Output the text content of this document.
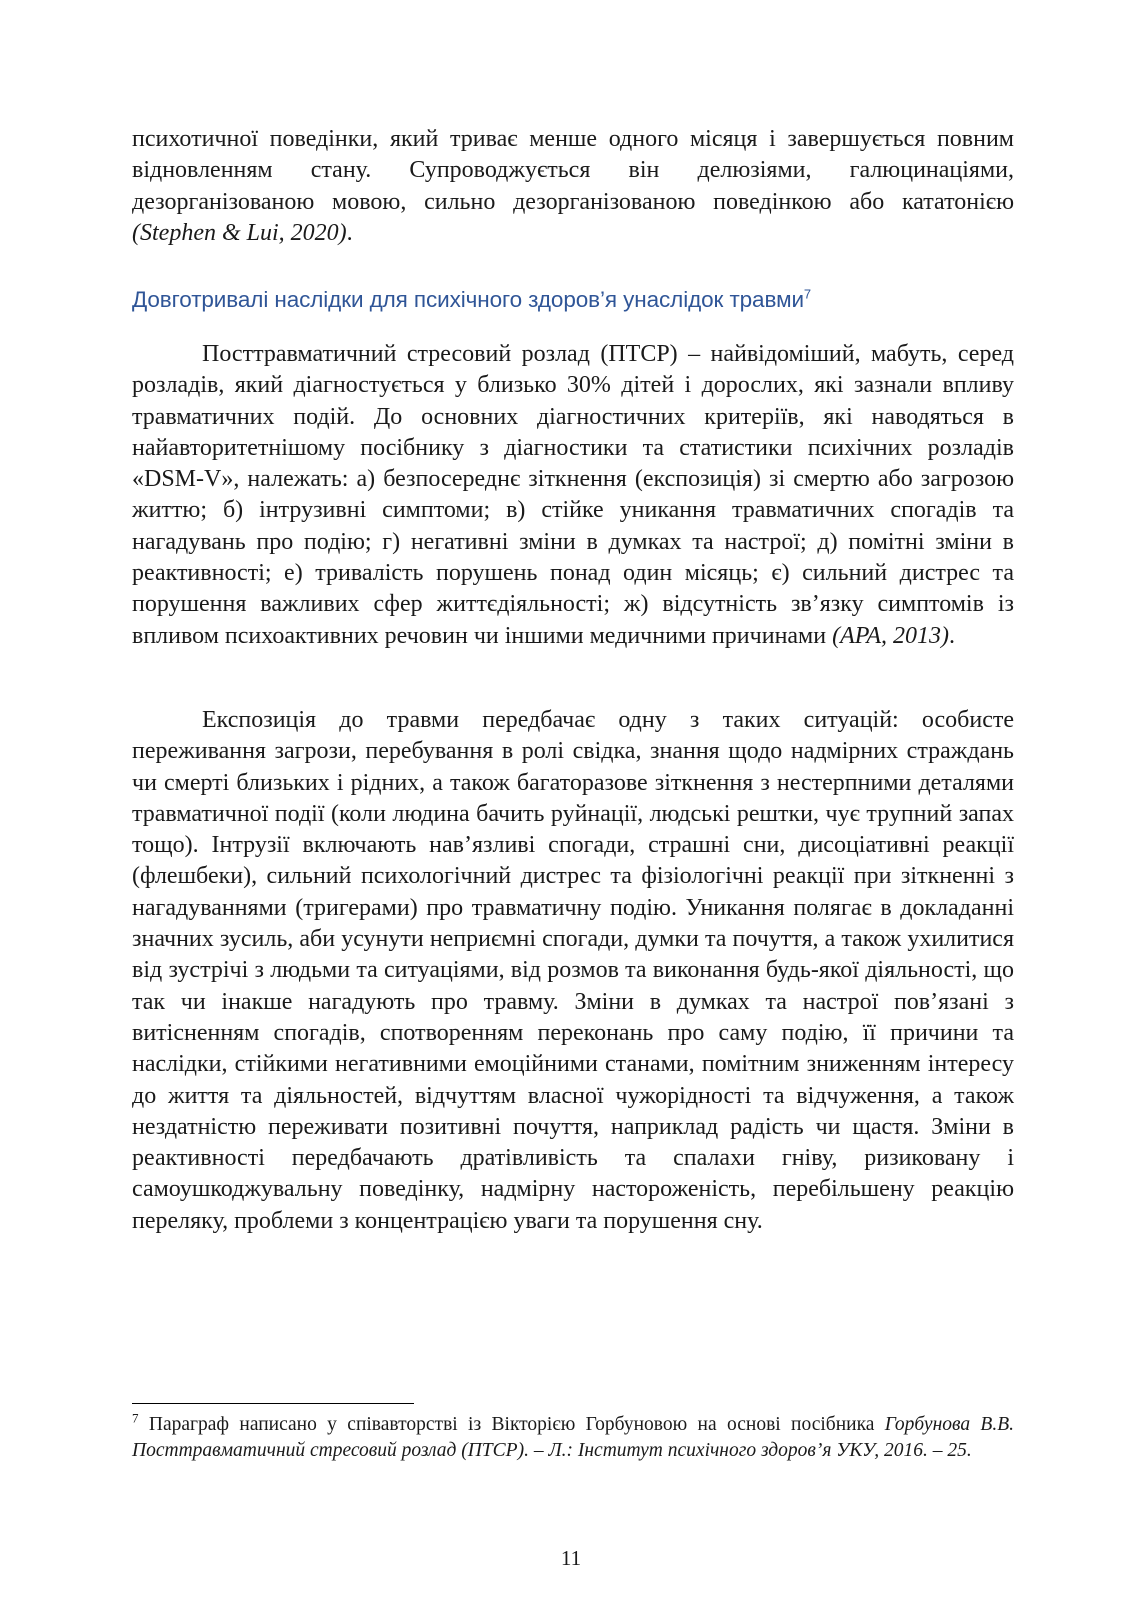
психотичної поведінки, який триває менше одного місяця і завершується повним відновленням стану. Супроводжується він делюзіями, галюцинаціями, дезорганізованою мовою, сильно дезорганізованою поведінкою або кататонією (Stephen & Lui, 2020).
Довготривалі наслідки для психічного здоров’я унаслідок травми$^7$
Посттравматичний стресовий розлад (ПТСР) – найвідоміший, мабуть, серед розладів, який діагностується у близько 30% дітей і дорослих, які зазнали впливу травматичних подій. До основних діагностичних критеріїв, які наводяться в найавторитетнішому посібнику з діагностики та статистики психічних розладів «DSM-V», належать: а) безпосереднє зіткнення (експозиція) зі смертю або загрозою життю; б) інтрузивні симптоми; в) стійке уникання травматичних спогадів та нагадувань про подію; г) негативні зміни в думках та настрої; д) помітні зміни в реактивності; е) тривалість порушень понад один місяць; є) сильний дистрес та порушення важливих сфер життєдіяльності; ж) відсутність зв’язку симптомів із впливом психоактивних речовин чи іншими медичними причинами (APA, 2013).
Експозиція до травми передбачає одну з таких ситуацій: особисте переживання загрози, перебування в ролі свідка, знання щодо надмірних страждань чи смерті близьких і рідних, а також багаторазове зіткнення з нестерпними деталями травматичної події (коли людина бачить руйнації, людські рештки, чує трупний запах тощо). Інтрузії включають нав’язливі спогади, страшні сни, дисоціативні реакції (флешбеки), сильний психологічний дистрес та фізіологічні реакції при зіткненні з нагадуваннями (тригерами) про травматичну подію. Уникання полягає в докладанні значних зусиль, аби усунути неприємні спогади, думки та почуття, а також ухилитися від зустрічі з людьми та ситуаціями, від розмов та виконання будь-якої діяльності, що так чи інакше нагадують про травму. Зміни в думках та настрої пов’язані з витісненням спогадів, спотворенням переконань про саму подію, її причини та наслідки, стійкими негативними емоційними станами, помітним зниженням інтересу до життя та діяльностей, відчуттям власної чужорідності та відчуження, а також нездатністю переживати позитивні почуття, наприклад радість чи щастя. Зміни в реактивності передбачають дратівливість та спалахи гніву, ризиковану і самоушкоджувальну поведінку, надмірну настороженість, перебільшену реакцію переляку, проблеми з концентрацією уваги та порушення сну.
$^7$ Параграф написано у співавторстві із Вікторією Горбуновою на основі посібника Горбунова В.В. Посттравматичний стресовий розлад (ПТСР). – Л.: Інститут психічного здоров’я УКУ, 2016. – 25.
11
